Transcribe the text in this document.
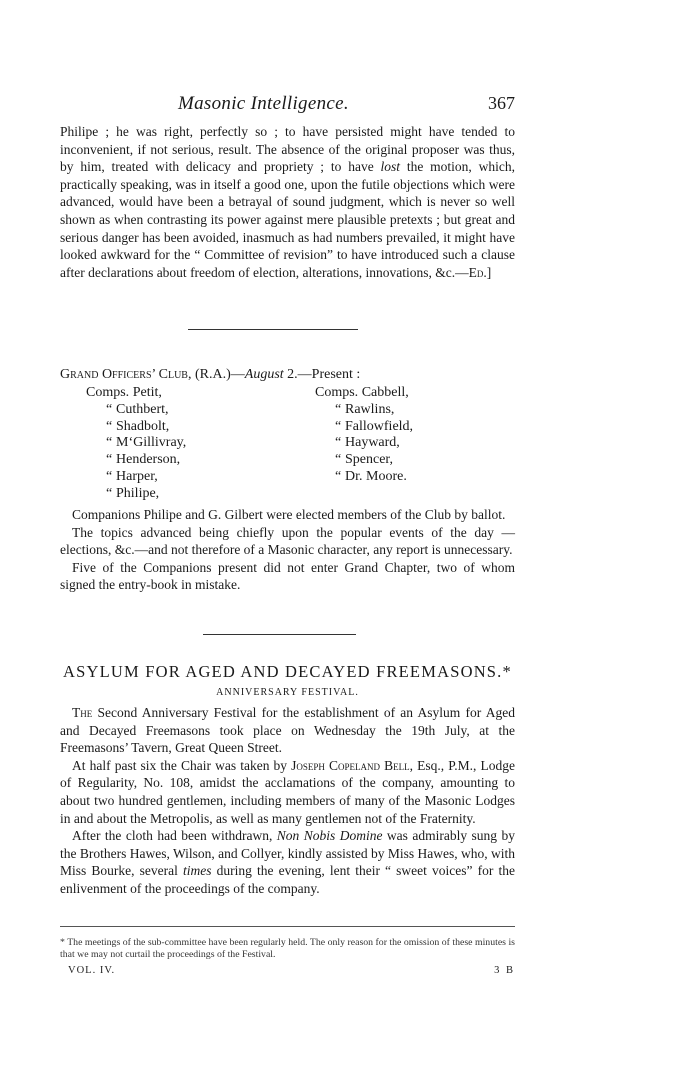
Masonic Intelligence.	367

Philipe ; he was right, perfectly so ; to have persisted might have tended to inconvenient, if not serious, result. The absence of the original proposer was thus, by him, treated with delicacy and propriety ; to have lost the motion, which, practically speaking, was in itself a good one, upon the futile objections which were advanced, would have been a betrayal of sound judgment, which is never so well shown as when contrasting its power against mere plausible pretexts ; but great and serious danger has been avoided, inasmuch as had numbers prevailed, it might have looked awkward for the “ Committee of revision” to have introduced such a clause after declarations about freedom of election, alterations, innovations, &c.—Ed.]

Grand Officers’ Club, (R.A.)—August 2.—Present :
Comps.
Petit,
“ Cuthbert,
“ Shadbolt,
“ M‘Gillivray,
“ Henderson,
“ Harper,
“ Philipe,
Comps.
Cabbell,
“ Rawlins,
“ Fallowfield,
“ Hayward,
“ Spencer,
“ Dr. Moore.

Companions Philipe and G. Gilbert were elected members of the Club by ballot.

The topics advanced being chiefly upon the popular events of the day —elections, &c.—and not therefore of a Masonic character, any report is unnecessary.

Five of the Companions present did not enter Grand Chapter, two of whom signed the entry-book in mistake.

ASYLUM FOR AGED AND DECAYED FREEMASONS.*
ANNIVERSARY FESTIVAL.

The Second Anniversary Festival for the establishment of an Asylum for Aged and Decayed Freemasons took place on Wednesday the 19th July, at the Freemasons’ Tavern, Great Queen Street.

At half past six the Chair was taken by Joseph Copeland Bell, Esq., P.M., Lodge of Regularity, No. 108, amidst the acclamations of the company, amounting to about two hundred gentlemen, including members of many of the Masonic Lodges in and about the Metropolis, as well as many gentlemen not of the Fraternity.

After the cloth had been withdrawn, Non Nobis Domine was admirably sung by the Brothers Hawes, Wilson, and Collyer, kindly assisted by Miss Hawes, who, with Miss Bourke, several times during the evening, lent their “ sweet voices” for the enlivenment of the proceedings of the company.

* The meetings of the sub-committee have been regularly held. The only reason for the omission of these minutes is that we may not curtail the proceedings of the Festival.

VOL. IV.	3 B
